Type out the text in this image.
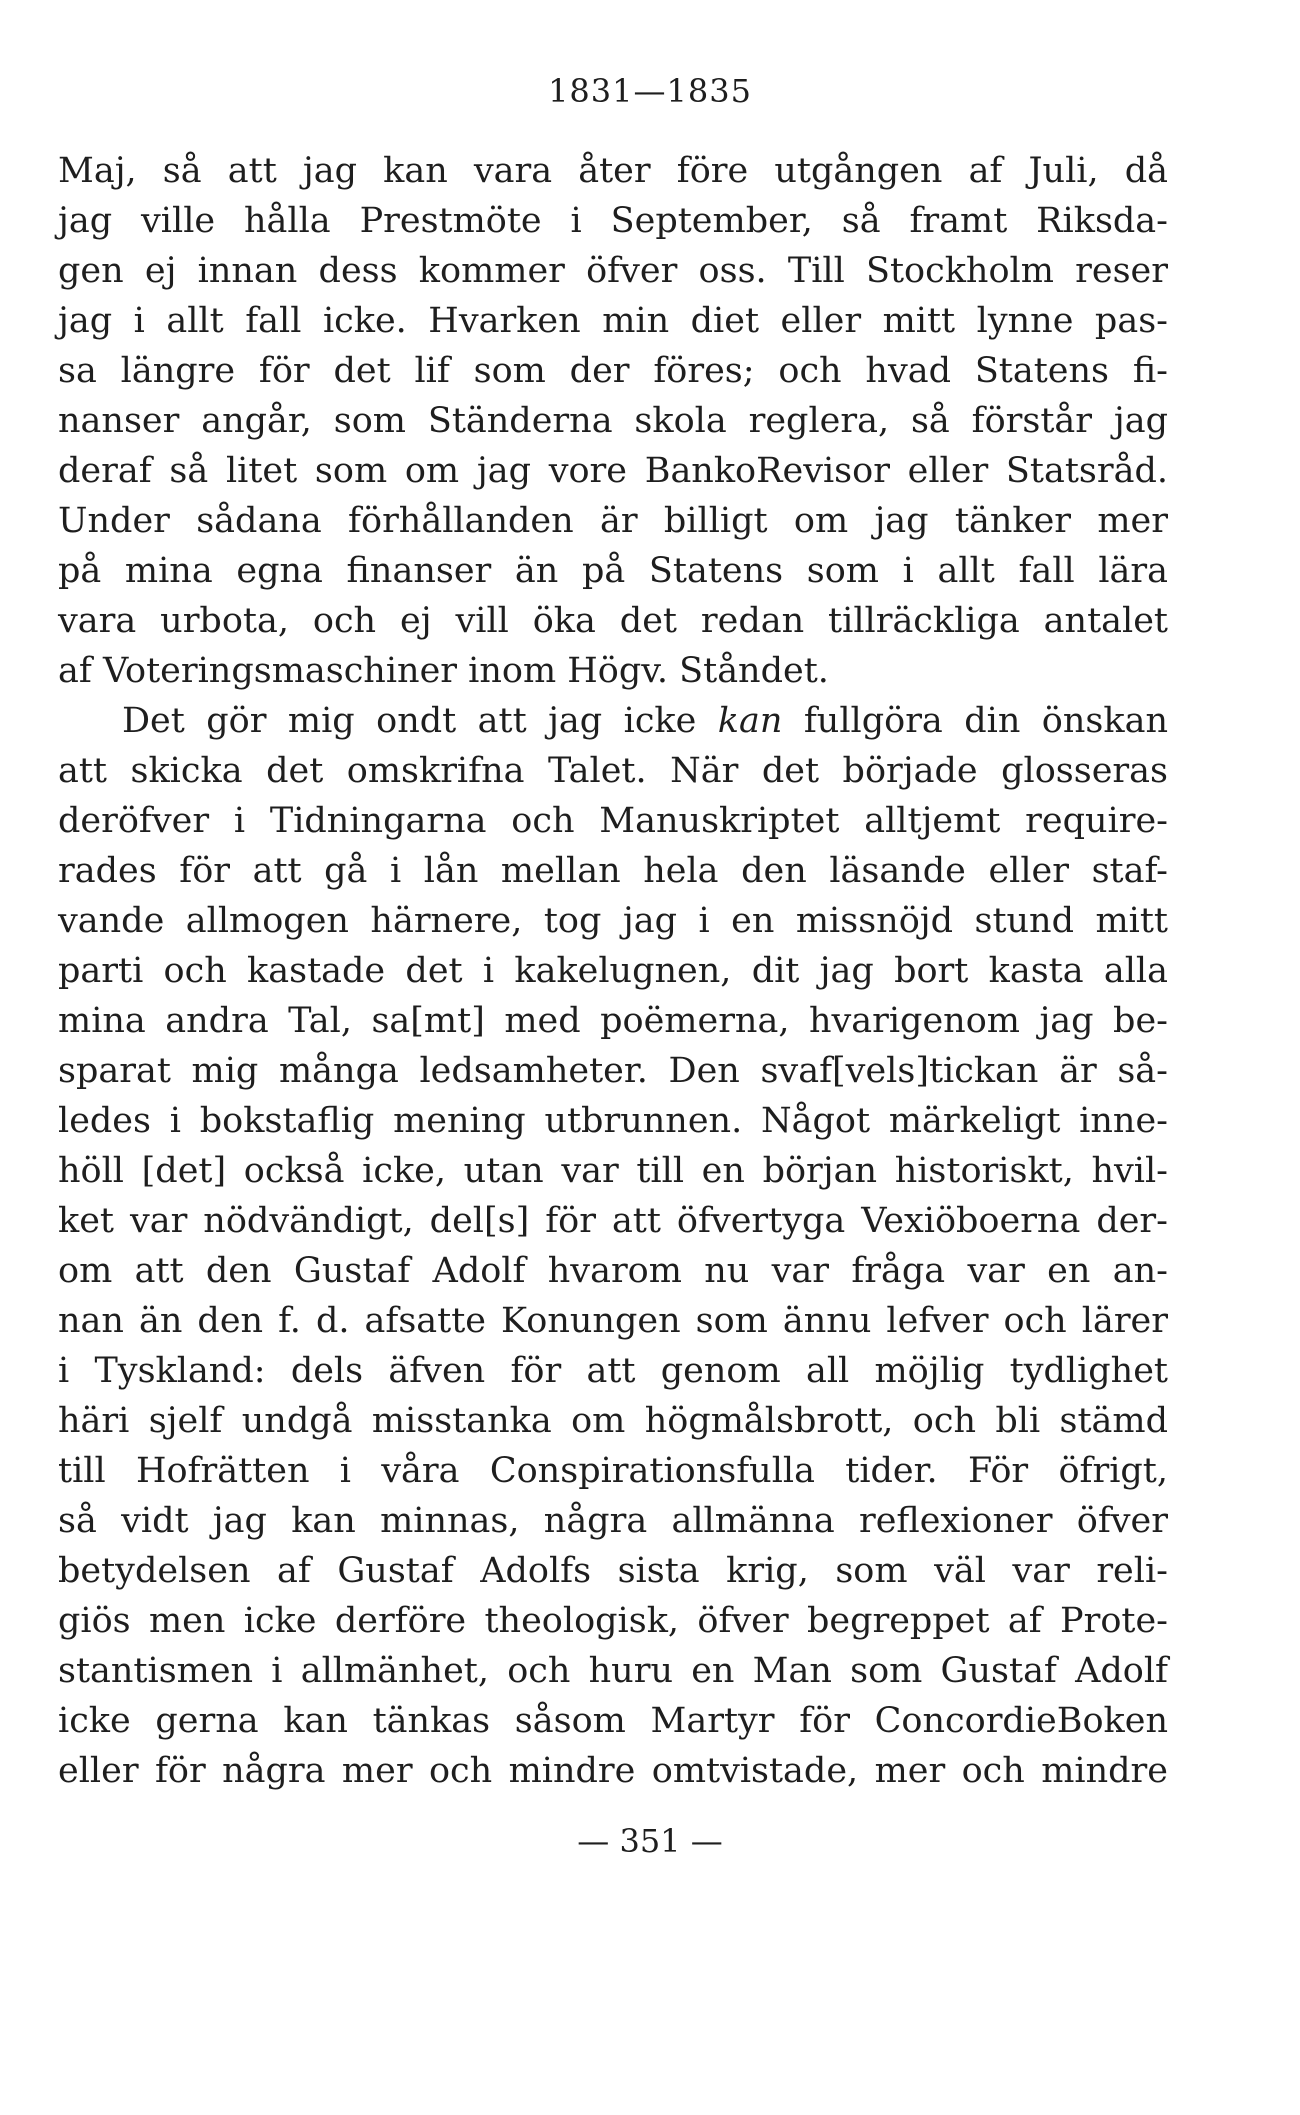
1831—1835
Maj, så att jag kan vara åter före utgången af Juli, då
jag ville hålla Prestmöte i September, så framt Riksda-
gen ej innan dess kommer öfver oss. Till Stockholm reser
jag i allt fall icke. Hvarken min diet eller mitt lynne pas-
sa längre för det lif som der föres; och hvad Statens fi-
nanser angår, som Ständerna skola reglera, så förstår jag
deraf så litet som om jag vore BankoRevisor eller Statsråd.
Under sådana förhållanden är billigt om jag tänker mer
på mina egna finanser än på Statens som i allt fall lära
vara urbota, och ej vill öka det redan tillräckliga antalet
af Voteringsmaschiner inom Högv. Ståndet.
Det gör mig ondt att jag icke kan fullgöra din önskan
att skicka det omskrifna Talet. När det började glosseras
deröfver i Tidningarna och Manuskriptet alltjemt require-
rades för att gå i lån mellan hela den läsande eller staf-
vande allmogen härnere, tog jag i en missnöjd stund mitt
parti och kastade det i kakelugnen, dit jag bort kasta alla
mina andra Tal, sa[mt] med poëmerna, hvarigenom jag be-
sparat mig många ledsamheter. Den svaf[vels]tickan är så-
ledes i bokstaflig mening utbrunnen. Något märkeligt inne-
höll [det] också icke, utan var till en början historiskt, hvil-
ket var nödvändigt, del[s] för att öfvertyga Vexiöboerna der-
om att den Gustaf Adolf hvarom nu var fråga var en an-
nan än den f. d. afsatte Konungen som ännu lefver och lärer
i Tyskland: dels äfven för att genom all möjlig tydlighet
häri sjelf undgå misstanka om högmålsbrott, och bli stämd
till Hofrätten i våra Conspirationsfulla tider. För öfrigt,
så vidt jag kan minnas, några allmänna reflexioner öfver
betydelsen af Gustaf Adolfs sista krig, som väl var reli-
giös men icke derföre theologisk, öfver begreppet af Prote-
stantismen i allmänhet, och huru en Man som Gustaf Adolf
icke gerna kan tänkas såsom Martyr för ConcordieBoken
eller för några mer och mindre omtvistade, mer och mindre
— 351 —
